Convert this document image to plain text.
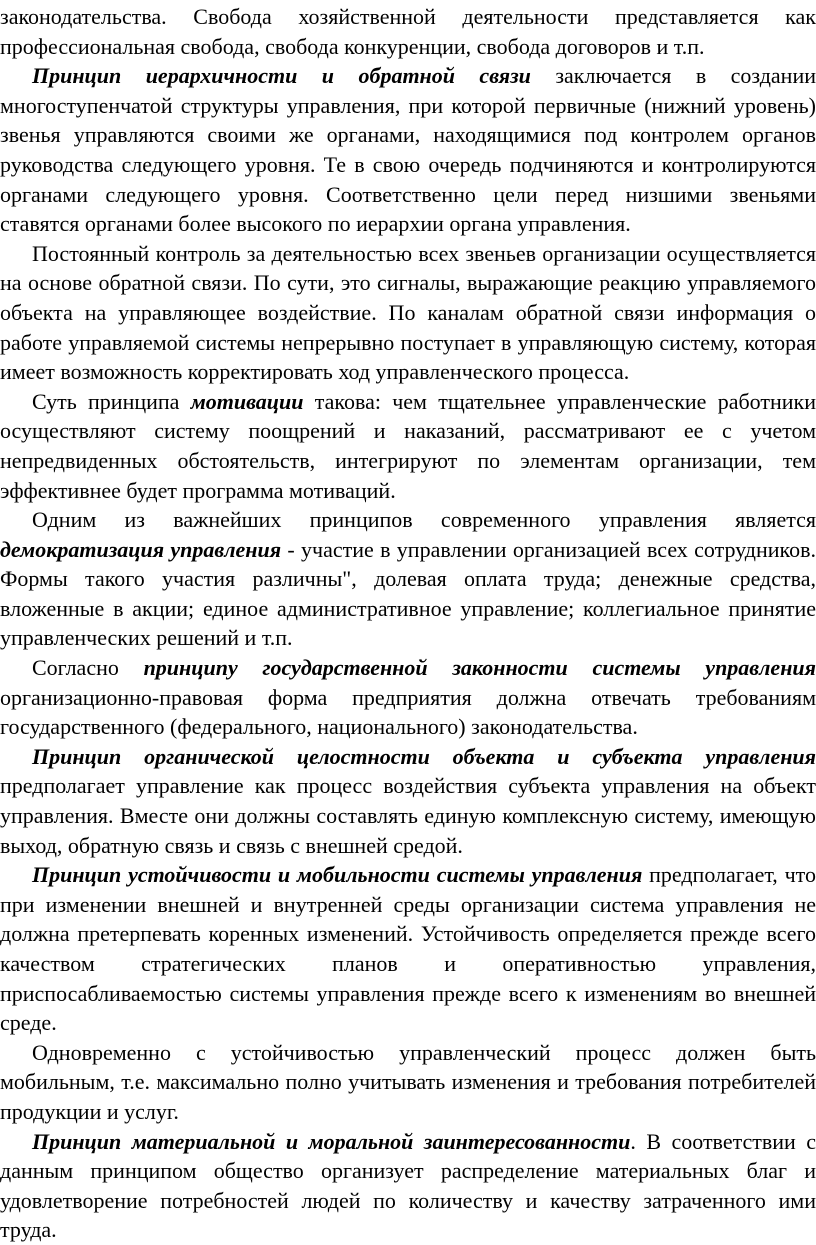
законодательства. Свобода хозяйственной деятельности представляется как профессиональная свобода, свобода конкуренции, свобода договоров и т.п.

Принцип иерархичности и обратной связи заключается в создании многоступенчатой структуры управления, при которой первичные (нижний уровень) звенья управляются своими же органами, находящимися под контролем органов руководства следующего уровня. Те в свою очередь подчиняются и контролируются органами следующего уровня. Соответственно цели перед низшими звеньями ставятся органами более высокого по иерархии органа управления.

Постоянный контроль за деятельностью всех звеньев организации осуществляется на основе обратной связи. По сути, это сигналы, выражающие реакцию управляемого объекта на управляющее воздействие. По каналам обратной связи информация о работе управляемой системы непрерывно поступает в управляющую систему, которая имеет возможность корректировать ход управленческого процесса.

Суть принципа мотивации такова: чем тщательнее управленческие работники осуществляют систему поощрений и наказаний, рассматривают ее с учетом непредвиденных обстоятельств, интегрируют по элементам организации, тем эффективнее будет программа мотиваций.

Одним из важнейших принципов современного управления является демократизация управления - участие в управлении организацией всех сотрудников. Формы такого участия различны", долевая оплата труда; денежные средства, вложенные в акции; единое административное управление; коллегиальное принятие управленческих решений и т.п.

Согласно принципу государственной законности системы управления организационно-правовая форма предприятия должна отвечать требованиям государственного (федерального, национального) законодательства.

Принцип органической целостности объекта и субъекта управления предполагает управление как процесс воздействия субъекта управления на объект управления. Вместе они должны составлять единую комплексную систему, имеющую выход, обратную связь и связь с внешней средой.

Принцип устойчивости и мобильности системы управления предполагает, что при изменении внешней и внутренней среды организации система управления не должна претерпевать коренных изменений. Устойчивость определяется прежде всего качеством стратегических планов и оперативностью управления, приспосабливаемостью системы управления прежде всего к изменениям во внешней среде.

Одновременно с устойчивостью управленческий процесс должен быть мобильным, т.е. максимально полно учитывать изменения и требования потребителей продукции и услуг.

Принцип материальной и моральной заинтересованности. В соответствии с данным принципом общество организует распределение материальных благ и удовлетворение потребностей людей по количеству и качеству затраченного ими труда.
